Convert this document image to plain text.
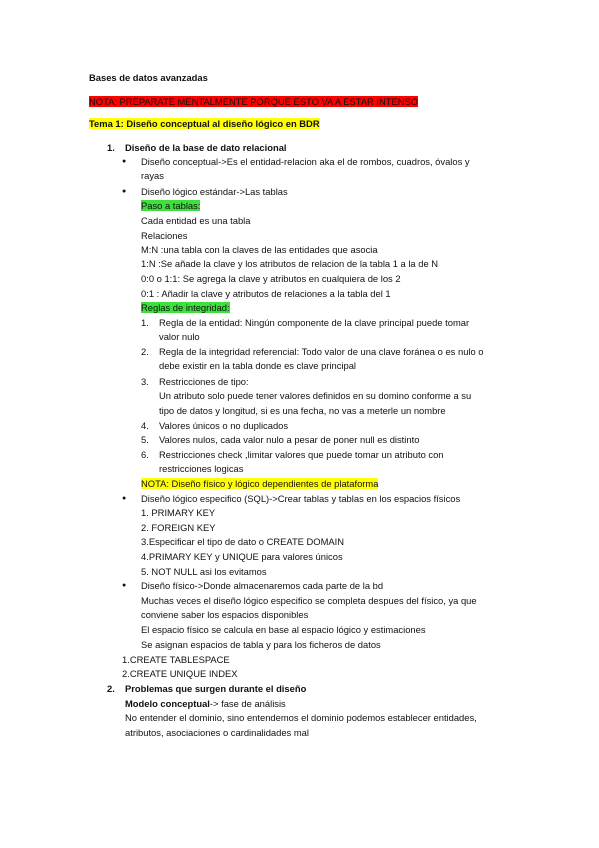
Bases de datos avanzadas
NOTA: PREPARATE MENTALMENTE PORQUE ESTO VA A ESTAR INTENSO
Tema 1: Diseño conceptual al diseño lógico en BDR
1. Diseño de la base de dato relacional
● Diseño conceptual->Es el entidad-relacion aka el de rombos, cuadros, óvalos y
rayas
● Diseño lógico estándar->Las tablas
Paso a tablas:
Cada entidad es una tabla
Relaciones
M:N :una tabla con la claves de las entidades que asocia
1:N :Se añade la clave y los atributos de relacion de la tabla 1 a la de N
0:0 o 1:1: Se agrega la clave y atributos en cualquiera de los 2
0:1 : Añadir la clave y atributos de relaciones a la tabla del 1
Reglas de integridad:
1. Regla de la entidad: Ningún componente de la clave principal puede tomar
valor nulo
2. Regla de la integridad referencial: Todo valor de una clave foránea o es nulo o
debe existir en la tabla donde es clave principal
3. Restricciones de tipo:
Un atributo solo puede tener valores definidos en su domino conforme a su
tipo de datos y longitud, si es una fecha, no vas a meterle un nombre
4. Valores únicos o no duplicados
5. Valores nulos, cada valor nulo a pesar de poner null es distinto
6. Restricciones check ,limitar valores que puede tomar un atributo con
restricciones logicas
NOTA: Diseño físico y lógico dependientes de plataforma
● Diseño lógico especifico (SQL)->Crear tablas y tablas en los espacios físicos
1. PRIMARY KEY
2. FOREIGN KEY
3.Especificar el tipo de dato o CREATE DOMAIN
4.PRIMARY KEY y UNIQUE para valores únicos
5. NOT NULL asi los evitamos
● Diseño físico->Donde almacenaremos cada parte de la bd
Muchas veces el diseño lógico especifico se completa despues del físico, ya que
conviene saber los espacios disponibles
El espacio físico se calcula en base al espacio lógico y estimaciones
Se asignan espacios de tabla y para los ficheros de datos
1.CREATE TABLESPACE
2.CREATE UNIQUE INDEX
2. Problemas que surgen durante el diseño
Modelo conceptual-> fase de análisis
No entender el dominio, sino entendemos el dominio podemos establecer entidades,
atributos, asociaciones o cardinalidades mal
